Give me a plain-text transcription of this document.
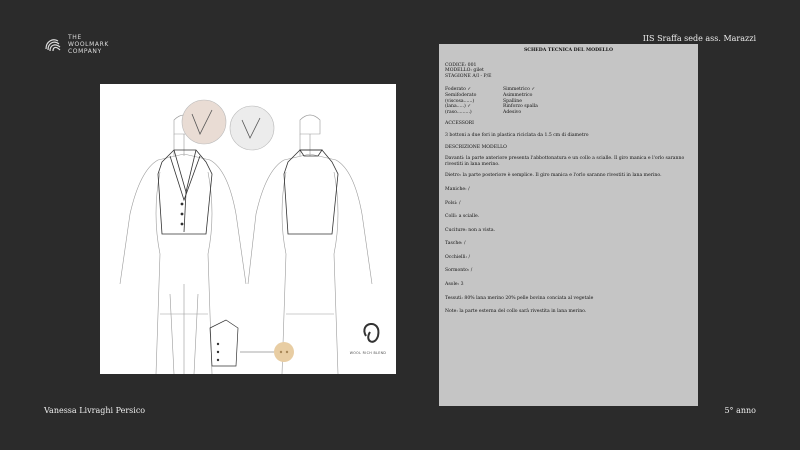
THE
WOOLMARK
COMPANY
IIS Sraffa sede ass. Marazzi
WOOL RICH BLEND

SCHEDA TECNICA DEL MODELLO

CODICE: 001

MODELLO: gilet

STAGIONE A/I - P/E

Foderato ✓	Simmetrico ✓
Semifoderato	Asimmetrico
(viscosa......)	Spalline
(lana.....) ✓	Rinforzo spalla
(raso.........)	Adesivo

ACCESSORI

3 bottoni a due fori in plastica riciclata da 1.5 cm di diametro

DESCRIZIONE MODELLO

Davanti: la parte anteriore presenta l'abbottonatura e un collo a scialle. Il giro manica e l'orlo saranno rivestiti in lana merino.

Dietro: la parte posteriore è semplice. Il giro manica e l'orlo saranno rivestiti in lana merino.

Maniche: /

Polsi: /

Colli: a scialle.

Cuciture: non a vista.

Tasche: /

Occhielli: /

Sormonto: /

Asole: 3

Tessuti: 80% lana merino 20% pelle bovina conciata al vegetale

Note: la parte esterna del collo sarà rivestita in lana merino.

Vanessa Livraghi Persico	5° anno
